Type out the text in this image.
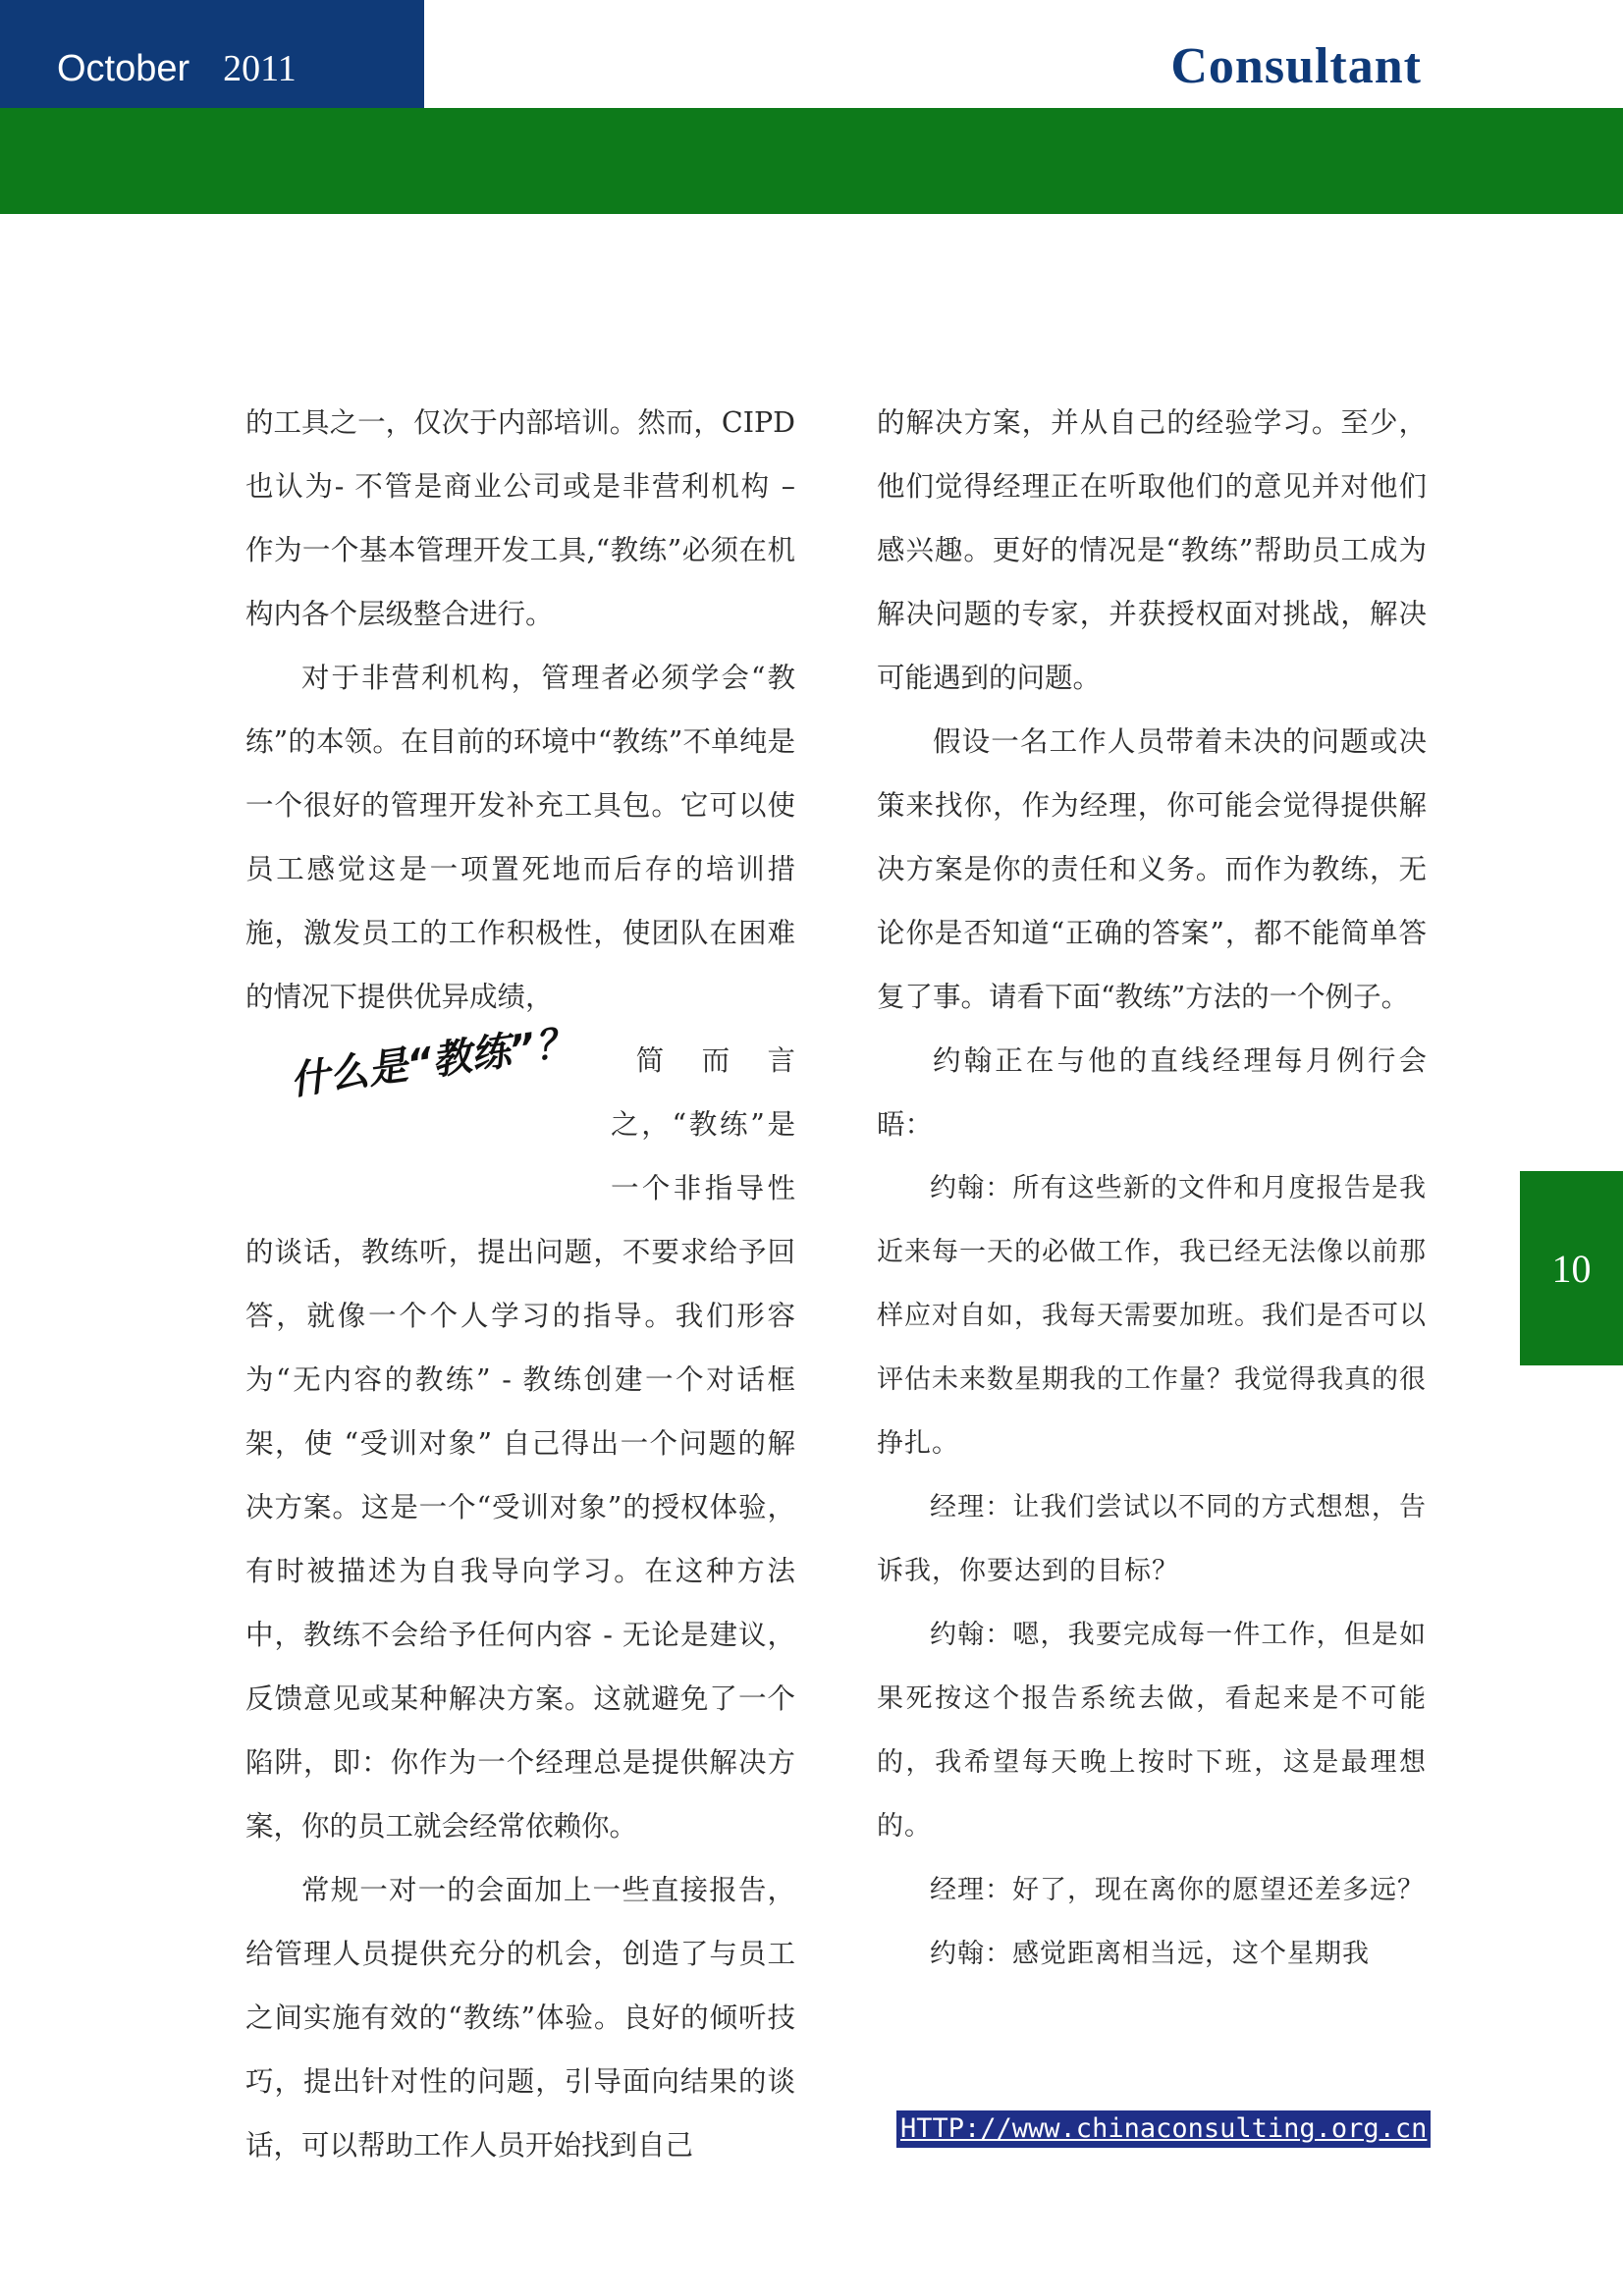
October 2011	Consultant

的工具之一，仅次于内部培训。然而，CIPD也认为- 不管是商业公司或是非营利机构 – 作为一个基本管理开发工具,“教练”必须在机构内各个层级整合进行。

对于非营利机构，管理者必须学会“教练”的本领。在目前的环境中“教练”不单纯是一个很好的管理开发补充工具包。它可以使员工感觉这是一项置死地而后存的培训措施，激发员工的工作积极性，使团队在困难的情况下提供优异成绩，

什么是“教练”？	简而言之，“教练”是一个非指导性的谈话，教练听，提出问题，不要求给予回答，就像一个个人学习的指导。我们形容为“无内容的教练” - 教练创建一个对话框架，使 “受训对象” 自己得出一个问题的解决方案。这是一个“受训对象”的授权体验，有时被描述为自我导向学习。在这种方法中，教练不会给予任何内容 - 无论是建议，反馈意见或某种解决方案。这就避免了一个陷阱，即：你作为一个经理总是提供解决方案，你的员工就会经常依赖你。

常规一对一的会面加上一些直接报告，给管理人员提供充分的机会，创造了与员工之间实施有效的“教练”体验。良好的倾听技巧，提出针对性的问题，引导面向结果的谈话，可以帮助工作人员开始找到自己

的解决方案，并从自己的经验学习。至少，他们觉得经理正在听取他们的意见并对他们感兴趣。更好的情况是“教练”帮助员工成为解决问题的专家，并获授权面对挑战，解决可能遇到的问题。

假设一名工作人员带着未决的问题或决策来找你，作为经理，你可能会觉得提供解决方案是你的责任和义务。而作为教练，无论你是否知道“正确的答案”，都不能简单答复了事。请看下面“教练”方法的一个例子。

约翰正在与他的直线经理每月例行会晤：

约翰：所有这些新的文件和月度报告是我近来每一天的必做工作，我已经无法像以前那样应对自如，我每天需要加班。我们是否可以评估未来数星期我的工作量？我觉得我真的很挣扎。

经理：让我们尝试以不同的方式想想，告诉我，你要达到的目标？

约翰：嗯，我要完成每一件工作，但是如果死按这个报告系统去做，看起来是不可能的，我希望每天晚上按时下班，这是最理想的。

经理：好了，现在离你的愿望还差多远？

约翰：感觉距离相当远，这个星期我

10
HTTP://www.chinaconsulting.org.cn
